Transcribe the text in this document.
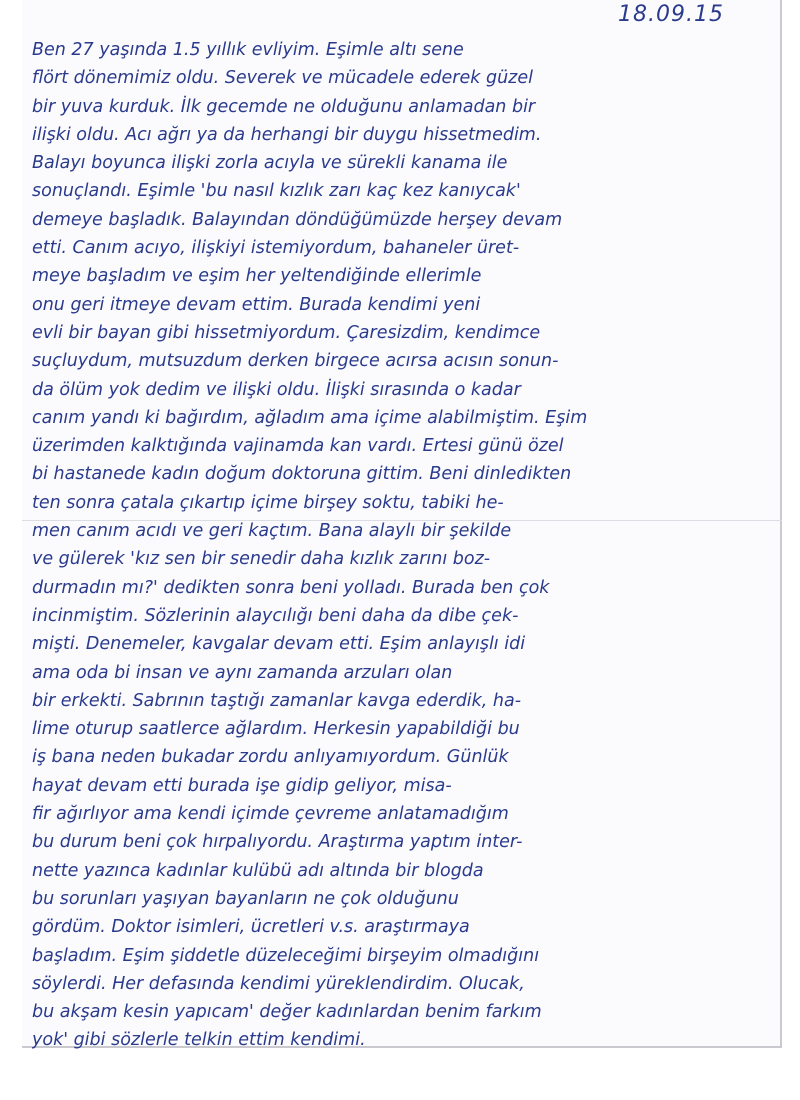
18.09.15
Ben 27 yaşında 1.5 yıllık evliyim. Eşimle altı sene
flört dönemimiz oldu. Severek ve mücadele ederek güzel
bir yuva kurduk. İlk gecemde ne olduğunu anlamadan bir
ilişki oldu. Acı ağrı ya da herhangi bir duygu hissetmedim.
Balayı boyunca ilişki zorla acıyla ve sürekli kanama ile
sonuçlandı. Eşimle 'bu nasıl kızlık zarı kaç kez kanıycak'
demeye başladık. Balayından döndüğümüzde herşey devam
etti. Canım acıyo, ilişkiyi istemiyordum, bahaneler üret-
meye başladım ve eşim her yeltendiğinde ellerimle
onu geri itmeye devam ettim. Burada kendimi yeni
evli bir bayan gibi hissetmiyordum. Çaresizdim, kendimce
suçluydum, mutsuzdum derken birgece acırsa acısın sonun-
da ölüm yok dedim ve ilişki oldu. İlişki sırasında o kadar
canım yandı ki bağırdım, ağladım ama içime alabilmiştim. Eşim
üzerimden kalktığında vajinamda kan vardı. Ertesi günü özel
bi hastanede kadın doğum doktoruna gittim. Beni dinledikten
ten sonra çatala çıkartıp içime birşey soktu, tabiki he-
men canım acıdı ve geri kaçtım. Bana alaylı bir şekilde
ve gülerek 'kız sen bir senedir daha kızlık zarını boz-
durmadın mı?' dedikten sonra beni yolladı. Burada ben çok
incinmiştim. Sözlerinin alaycılığı beni daha da dibe çek-
mişti. Denemeler, kavgalar devam etti. Eşim anlayışlı idi
ama oda bi insan ve aynı zamanda arzuları olan
bir erkekti. Sabrının taştığı zamanlar kavga ederdik, ha-
lime oturup saatlerce ağlardım. Herkesin yapabildiği bu
iş bana neden bukadar zordu anlıyamıyordum. Günlük
hayat devam etti burada işe gidip geliyor, misa-
fir ağırlıyor ama kendi içimde çevreme anlatamadığım
bu durum beni çok hırpalıyordu. Araştırma yaptım inter-
nette yazınca kadınlar kulübü adı altında bir blogda
bu sorunları yaşıyan bayanların ne çok olduğunu
gördüm. Doktor isimleri, ücretleri v.s. araştırmaya
başladım. Eşim şiddetle düzeleceğimi birşeyim olmadığını
söylerdi. Her defasında kendimi yüreklendirdim. Olucak,
bu akşam kesin yapıcam' değer kadınlardan benim farkım
yok' gibi sözlerle telkin ettim kendimi.
